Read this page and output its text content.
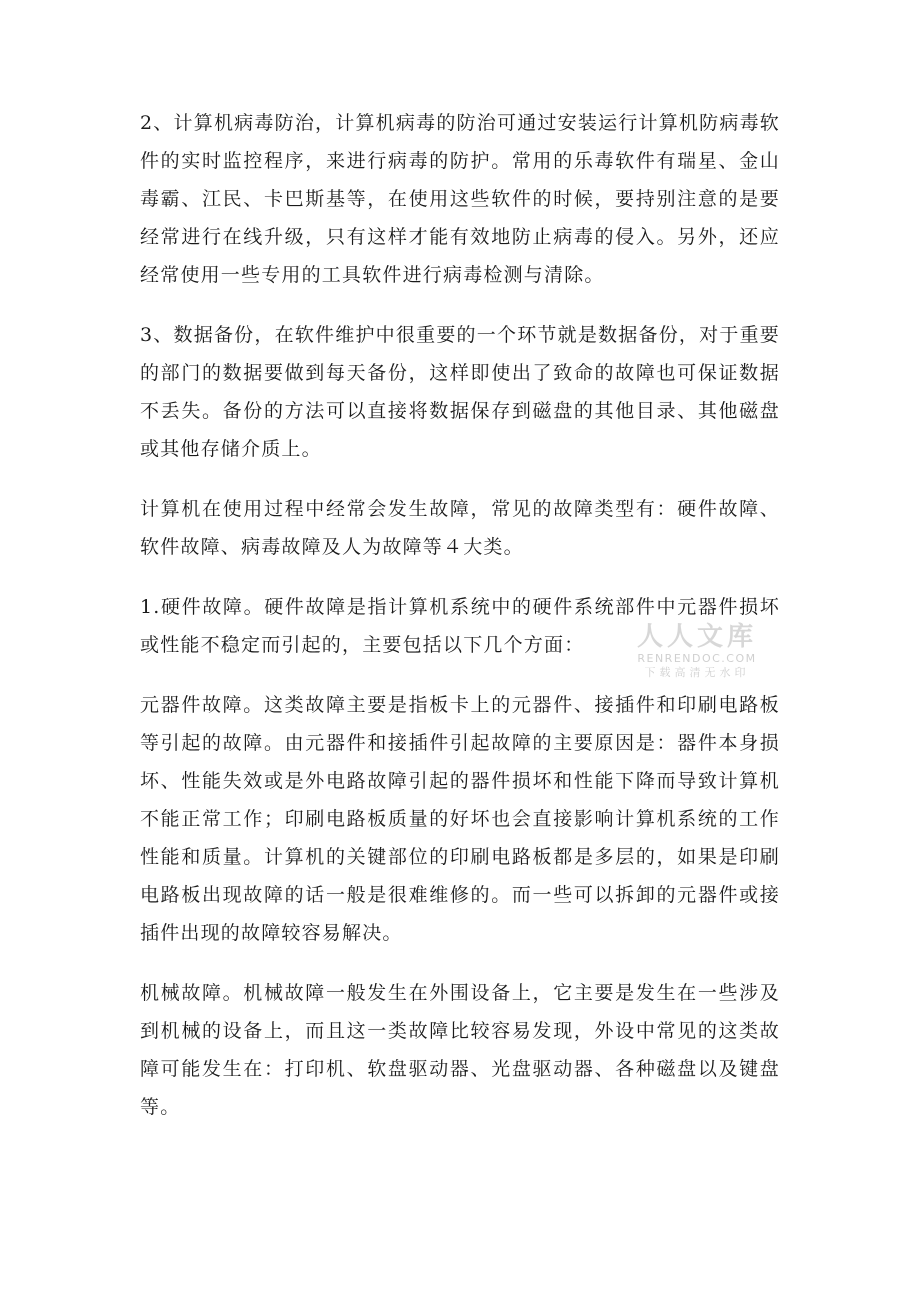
2、计算机病毒防治，计算机病毒的防治可通过安装运行计算机防病毒软件的实时监控程序，来进行病毒的防护。常用的乐毒软件有瑞星、金山毒霸、江民、卡巴斯基等，在使用这些软件的时候，要持别注意的是要经常进行在线升级，只有这样才能有效地防止病毒的侵入。另外，还应经常使用一些专用的工具软件进行病毒检测与清除。

3、数据备份，在软件维护中很重要的一个环节就是数据备份，对于重要的部门的数据要做到每天备份，这样即使出了致命的故障也可保证数据不丢失。备份的方法可以直接将数据保存到磁盘的其他目录、其他磁盘或其他存储介质上。

计算机在使用过程中经常会发生故障，常见的故障类型有：硬件故障、软件故障、病毒故障及人为故障等４大类。

1.硬件故障。硬件故障是指计算机系统中的硬件系统部件中元器件损坏或性能不稳定而引起的，主要包括以下几个方面：

元器件故障。这类故障主要是指板卡上的元器件、接插件和印刷电路板等引起的故障。由元器件和接插件引起故障的主要原因是：器件本身损坏、性能失效或是外电路故障引起的器件损坏和性能下降而导致计算机不能正常工作；印刷电路板质量的好坏也会直接影响计算机系统的工作性能和质量。计算机的关键部位的印刷电路板都是多层的，如果是印刷电路板出现故障的话一般是很难维修的。而一些可以拆卸的元器件或接插件出现的故障较容易解决。

机械故障。机械故障一般发生在外围设备上，它主要是发生在一些涉及到机械的设备上，而且这一类故障比较容易发现，外设中常见的这类故障可能发生在：打印机、软盘驱动器、光盘驱动器、各种磁盘以及键盘等。

人人文库
RENRENDOC.COM
下载高清无水印
